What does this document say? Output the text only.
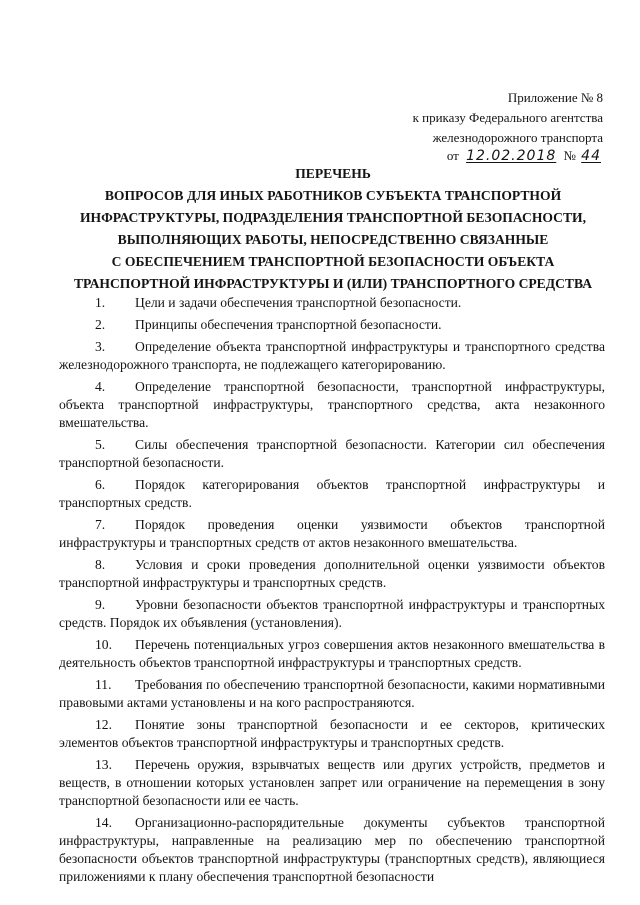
Приложение № 8
к приказу Федерального агентства
железнодорожного транспорта
от 12.02.2018 № 44
ПЕРЕЧЕНЬ
ВОПРОСОВ ДЛЯ ИНЫХ РАБОТНИКОВ СУБЪЕКТА ТРАНСПОРТНОЙ
ИНФРАСТРУКТУРЫ, ПОДРАЗДЕЛЕНИЯ ТРАНСПОРТНОЙ БЕЗОПАСНОСТИ,
ВЫПОЛНЯЮЩИХ РАБОТЫ, НЕПОСРЕДСТВЕННО СВЯЗАННЫЕ
С ОБЕСПЕЧЕНИЕМ ТРАНСПОРТНОЙ БЕЗОПАСНОСТИ ОБЪЕКТА
ТРАНСПОРТНОЙ ИНФРАСТРУКТУРЫ И (ИЛИ) ТРАНСПОРТНОГО СРЕДСТВА

1. Цели и задачи обеспечения транспортной безопасности.

2. Принципы обеспечения транспортной безопасности.

3. Определение объекта транспортной инфраструктуры и транспортного средства железнодорожного транспорта, не подлежащего категорированию.

4. Определение транспортной безопасности, транспортной инфраструктуры, объекта транспортной инфраструктуры, транспортного средства, акта незаконного вмешательства.

5. Силы обеспечения транспортной безопасности. Категории сил обеспечения транспортной безопасности.

6. Порядок категорирования объектов транспортной инфраструктуры и транспортных средств.

7. Порядок проведения оценки уязвимости объектов транспортной инфраструктуры и транспортных средств от актов незаконного вмешательства.

8. Условия и сроки проведения дополнительной оценки уязвимости объектов транспортной инфраструктуры и транспортных средств.

9. Уровни безопасности объектов транспортной инфраструктуры и транспортных средств. Порядок их объявления (установления).

10. Перечень потенциальных угроз совершения актов незаконного вмешательства в деятельность объектов транспортной инфраструктуры и транспортных средств.

11. Требования по обеспечению транспортной безопасности, какими нормативными правовыми актами установлены и на кого распространяются.

12. Понятие зоны транспортной безопасности и ее секторов, критических элементов объектов транспортной инфраструктуры и транспортных средств.

13. Перечень оружия, взрывчатых веществ или других устройств, предметов и веществ, в отношении которых установлен запрет или ограничение на перемещения в зону транспортной безопасности или ее часть.

14. Организационно-распорядительные документы субъектов транспортной инфраструктуры, направленные на реализацию мер по обеспечению транспортной безопасности объектов транспортной инфраструктуры (транспортных средств), являющиеся приложениями к плану обеспечения транспортной безопасности
